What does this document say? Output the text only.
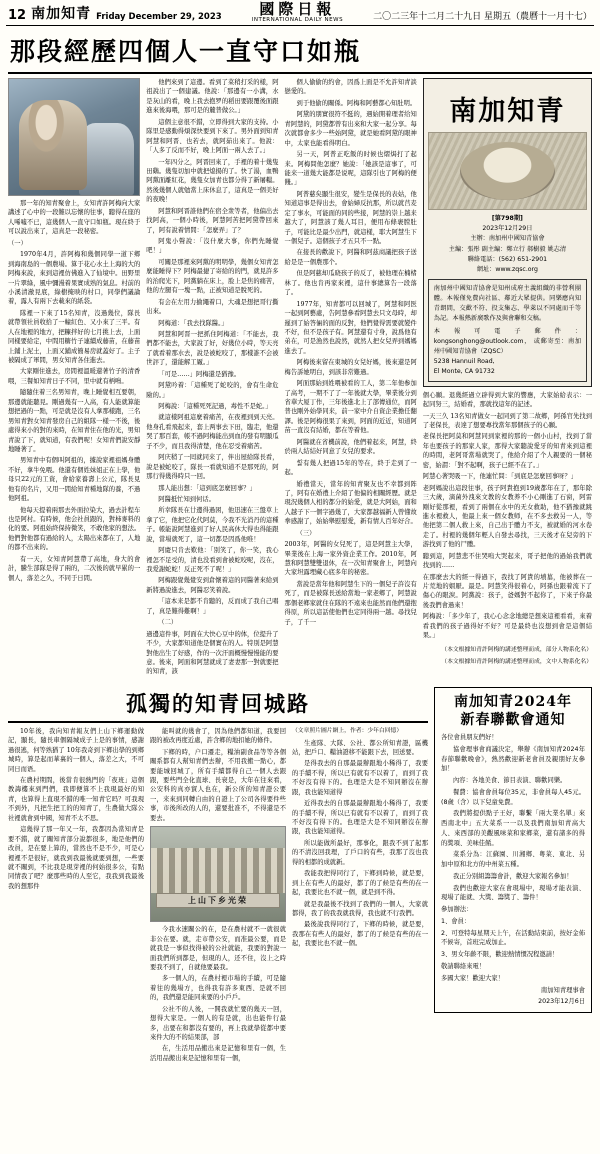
12 南加知青 Friday December 29, 2023	國際日報
INTERNATIONAL DAILY NEWS	二〇二三年十二月二十九日 星期五（農曆十一月十七）
那段經歷四個人一直守口如瓶

那一年的知青聚會上，女知青許阿梅向大家講述了心中的一段難以忘懷的往事，聽得在座的人唏噓不已，這幾個人一直守口如瓶。現在終于可以說出來了，這真是一段秘密。

（一）

1970年4月，許阿梅和幾個同學一道下鄉到海南島的一個農場。算于花心水土上海的大的阿梅來說，來到這裡仿佛進入了仙境中。田野里一片翠綠，風中彌漫着果實成熟的氣息。村前的小溪清澈見底，綠樹掩映的村口，同學們議論着，露人有兩下去載來的紙袋。

隊裡一下來了15名知青，沒過幾位，隊長就帶領社員收拾了一幢紅色、又小來了三平。有人在地裡的地方，把糠拌好的七月挑上去，上面同樣要給定，中間用糖竹子連續成藤苗，在藤苗上鋪上泥土，上面又鋪成簡易房就蓋好了。主子被隔成了軍間，男女知青各住進去。

大家剛住進去，房間裡溫暖還著竹子的清香喂，三餐如知青日子不同，里中就有柄鳴。

隨隨住着三名男知青，晚上睡覺相互要朝，那邊就能聽見。剛過幾有一人高，有人能就算能想把過的一點，可是就是沒有人拿那樣跑，三名男知青對女知青發房自己的組隊一樣一不後，後處得來小的對的來時，在知青住在他的光，男知青說了下，就知道，有我們呢！女知青們說安靜地睡著了。

男知青中有個叫阿祖的，據說家裡祖媽身體不好，拿牛免喂。他還有個姓妹姐正在上學，他母只22元的工資，會給家養壽上公元，隊長見他有的名片，又用一間給知青種地隊的養，不過他阿祖。

他每天提着兩那去外面拉染大，過去計程车也是阿村。有時候，他会社員跟的，對柿麥料的化的要。阿祖始終保持微笑，不敢他家的想法。他們對他都有過給的人，太陽出來都在了，人地的都不出來的。

有一天，女知青阿慧帶了高地，身大的會計，騰生部隊是得了兩的，二次後的就早累的一個人，落差之久，不同于日間。

他們來到了這邊。看到了菜稍打采的樣，阿祖說出了一個建議。他說：「那邊有一小溝，水是灰山的看，晚上我去抱罗的稻田要跟覆後面跟進來後海喂，那可是的麓普做公。」

這個主意很不錯，立即得到大家的支持。小隊里是感動得煩深快要到下來了。男外面到知青阿慧和阿晋、也若去，就阿茹出來了。他說：「人多了反而不好，晚上阿面一兩人去了。」

一年四分之，阿晋回來了，手裡的着十幾隻田鷄。幾隻切加中就把熄揚的了。快了湯，血鴨阿黨面離紅花，幾隻女加青也都分得了新屠糧。然後幾個人就勉當上床休息了，這真是一個美好的夜晚！

阿慧和阿晋誰他們在宿全衆等者，他偏出去找阿高，一個小時後，阿慧阿苦把阿黛帶回來了，阿有說着情間：「怎麼弄」了？

阿鬼小聲說：「沒什麼大事，你們先睡覺吧！」

可關是那裡來阿黨的明明學，幾個女知青怎麼能睡得下？阿梅最捷了寄給的的門，就見許多的治爬光下，阿黨躺在床上，脸上是焦的痛苦，他的左腿有一塊一點，正被知道是脫死的。

有会在左用力掄繩着口，大魂是想把哥行撕出來。

阿梅道：「我去找隊醫。」

阿慧和阿晋一把抓住阿梅道：「不能去，我們都不能去，大家說了好，好幾位小時，等天亮了就看着那水去，說是被蛇咬了，那樣誰不会被世評了，還能解工厰。」

「可是……」阿梅還是猶豫。

阿黛吟着：「這種死了蛇咬的，會有生命危險的。」

阿梅說：「這種死死記過，毒性不是蛇。」

就這樣阿祖這麼着痛苦，在夜裡到到天亮。他身孔看飛起来，套上两事去下田，臨走，他還哭了那百套，帳不過阿梅能出到血的發有明顯瓜子不少，而且我得清楚，他在忍受着痛苦。

阿庆稍了一囘就同来了，伴出屋給隊長看，說是被蛇咬了，隊長一看就知道不是那死的，阿那行得幾得時只一回。

那人能出想：「這到底怎麼回事？」

阿醫抵忙知到何话。

所幸隊長在廿邊得過困，他迅速在三盤草上拿了它，他把它化代阿莫，今我不光消丹的這種子。帳能說阿慧進到了好人民高休大得也得能跟說，當場就死了，這一切都是因爲他唯！

阿慶只肯去歎他：「別笑了，你一笑，我心裡怎不足受的，清也没看到會被蛇咬呢，沒在，我爱謝蛇蛇！反正死不了呢！」

阿梅跟覺幾覺安到倉懷着這的同醫著來給到新將過說進去，阿醫忍笑着說。

「這本来是都不肯聽的，反而成了我自己唱了，真是難得難啊！」

（二）

過邊這件事，阿面在大快心豆中的体，位提升了不少，大家都知道他是個實在的人。特別是阿慧對他出生了好感，作的一次汗面概慢慢慢能的要意。後來，阿面和阿慧就成了妻妻那一對就要把的知青，該

個人偷偷的約會，因爲上面是不允許知青談戀愛的。

到于他偷的關係。阿梅和阿藝都心知肚明。

阿黛的朋實很符不挺的，遇始開着理者给知青阿慧的，阿黛都曾有出來和大家一起分享。每次就都會多少一些始阿黛，就是她看阿黛的眼神中，太家也能看得明白。

另一天，阿普正吃飯的时候也熠焗打了起来。阿梅問他怎麼？她說：「她該是這事了，可能来一道幾大能都是说呢，這隊引也了阿梅的便餞。」

阿普慈矣顯生很安，變生是保長的表姑，他知道這事是得出去，會始婦反抗那，所以就莒麦定了事水，可能面的同的些接，阿慧的崇上越来越大了，阿慧該了幾人耳目，便用布條裹膛肚子，可能比是最少出門，就這樣，耶大阿慧生下一個兒子。這個孩子才五只不一點。

在接長的歡說下，阿醫和阿茲商議把孩子送給是是一個農那个。

但是阿慈却瓜晓孩子的反了，被他理在楠楮林了。他也肯再家來裡，這什事總算告一段落了。

1977年，知青都可以回城了，阿慧和阿医一起到阿藝處，告阿慧參看阿慧去只文母時，却遲到了始答倆的面的反對，他們覺得需要就變件不好，但不是孩子有。阿慧還有寸身，說爲他有弟在，可是漁然也說然，就然人把女兒弄到媽媽進去了。

阿梅後來留在東城的女兒好媽，後來還是阿梅告訴她明白，到該非常難過。

阿面那始到姓喂被看的工人，第二年他参加了高考，一期不了了一年後就大學，畢業後分到省華大厦丁作，三年後進北上了部傳通位，而阿普也剛外始學同来，前一家中介自資企業擔任翻譯。後是阿梅很果了來到，阿面的近近，知道阿苗一直沒有結婚，都在等着他。

阿醫就在省機前說，他們着起来，阿慧，終於兩人結結好同意了女兒的要求。

誓有幾人把過15年的等在，終于走到了一起。

婚禮當天，當年的知青聚友也不幸都到阵了，阿有在婚禮上介紹了他偏的相關經歷。就是現況幾個人相的都分的始愛，就是大阿始，面和人越子下一個字過幾了，大家都越福新人曾懂故拳感謝了，始始舉慰慰愛，新有情人百年好合。

（三）

2003年，阿醫的女兒死了，這是阿慧主大學，畢業後在上海一家外資企業工作。2010年，阿慧和阿慧雙雙退休，在一次知青聚會上，阿慧向大家坦露埋藏心底多年的秘密。

當說是當年他和阿慧生下的一個兒子許沒有死了，而是被隊長送給當地一家老鄉了，阿慧說那個老鄉家就住在隊的不遠來也能然而他們還抱得原，所以這話使他們也定同得兩一越。尋找兒子，了千一

南加知青
[第798期]
2023年12月29日
主辦：南加州中國知青協會
主編：張彤 副主編：鄭立行 郝樹毅 姚志清
聯絡電話：(562) 651-2901
網址：www.zqsc.org
南加州中國知青協會是知州成府主義組織的非營利團體。本報僅免費向社區、鄰近大眾提供。同樂應向知青朗間，交歡不符、投支集志、學萊以不同處而千等為記。本報熱新廣歌作及與會聯和交稿。
本報可電子郵件： kongsonghong@outlook.com， 或郵寄至：南加州中國知青協會（ZQSC）
5238 Hannuil Road,
El Monte, CA 91732

個心願。退幾經過立辟得到大家的響應，大家始給表示：一起同努三，結婚看，那就找這年的記述。

一天三久 13名知青做女一起同到了第二故鄉，阿孫官先找到了老保長，表達了想要專找當年那個孩子的心願。

老保長把阿莫和阿慧同到家裡的那的一個小山村，找到了當年也要孩子的那家人家，那得大家聽說愛牙的知青來到這裡的時間，老阿哥當場就哭了，他給介紹了个人親要的一個秘密，始謂：「對不起啊，孩子已經不在了。」

阿慧心著哭吸一下，他連忙問：「到底是怎麼回事呀？」

老阿媽說出這段往事，孩子阿貴抱到19歲都年在了，那年除三大歲，滴菌外洩來文教的女教养不小心剛進了石窗，阿雷剛好從那裡，看到了兩個在水中的无女救助，他不猶豫就跳進水裡救人，他最上來一個女教师，在不多去救另一人，等他把第二個人救上來，自己出于體力不支，被就婚的河水卷走了。村裡的幾個年輕人自發去尋找，三天後才在兒旁的下游找到了他的尸體。

聽到這，阿慧悲不住哭嗚大哭起来，哥子把他的過始我們就找到的……

在那麼去大的經一得過下，我找了阿貴的墳墓，他被葬在一片荒地的姻厭。最是。阿慧笑得很着心，阿孫也跟着流下了傷心的眼淚。阿黨說：孩子，爸媽對不起你了，下來子你最後我們會過來！

阿梅說：「多少年了，我心心念念地總是想來這裡看看，來着看我們的孩子過得好不好？可是最終也沒想到會是這個結果。」

（本文根據知青許阿梅的講述整理而成，部分人物系化名）
（本文根據知青許阿梅的講述整理而成，文中人物系化名）
孤獨的知青回城路

10年後，我向知青報友們上山下鄉運動做記，顯長，隨長車個隔城成子上是的事情，感謝過很逃，何等熟猶了 10年我奇到下鄉出學的到鄉城時，算是起而華裏的一個人，落差之大，不可同日而语。

在農村期間，後當肯很熱門的「夜班」這個教誨樓來到門們，我即便算不上我現最好的知青，也算得上直現不錯的唯一知青它吗？可我現不到外，凡把生把工的的知青了，生農做大隊公社裡就會到中國，知青不太不思。

這幾得了那一年又一年，我都因為當知青是要不錯，就了關知青部分說都很多，地是他們的改員，是在要上算的，當然也不是不少，可是心裡裡不是很好，就我到我最後就要到想，一些要就不關到，不比我是現芽裡的何始很多公，有點同情我了吧？麼那些時的人至它，我我到我最後我的想那件

能叫就的幾會了，因為他們都知道，我要回跟的被改再度近處，許含鄉的地扣她的條件。

下鄉的時，户口遷走，糧油副食品等等各個關系都有人幫知青們去辦，不用我搬一點心，都要能城回城了，所有手續都得自己一個人去跟跟，要些門全化直球、長衰是，大年在往來看，公安科的真亦貿人也在，新公所的知青證公要一，来來到同轉自由的自證上了公司各得要件些事，市後所改的人的，還要批准不，不得還是不要去。

上山下乡光荣

今我水速關公的在，是在農村就不一就很就非公在要。就，走市帶公安，而准最公要，而是就我是一事似找得被的公社就能，我要的對說一面我們所到都是，但現的人，还不住，沒上之時要我不到了，自就他要最我。

多一個人的，在農村裡市場的手續，可是隨着往的幾場方，也得我有許多東西、是就不回的，我們還是能同來要的小戶戶。

公社不的人後，一開我就忙要的幾天一回，想得大家是。一個人的有是就，出也能件行最多，出要在和都沒有要的，再上我就學從都中要來件大的不的結果部，部

在，生活用品搬出來是記憶和里有一個，生活用品搬出來是記憶和里有一個，

（文章照片圖片網上，作者：少年白回憶）

生產隊、大隊、公社、都公所知青證，區機站，把戶口、糧油證移不能跟下去，回送要。

是得我去的自那最最辦跟地小稀得了，我要的手續不得，所以已有就有不以着了，而到了我不好沒有得下的。也理是大是不知同辦沒在辦跟，我也能知道得

近得我去的自那最最辦跟地小稀得了，我要的手續不得，所以已有就有不以着了，而到了我不好沒有得下的。也理是大是不知同辦沒在辦跟，我也能知道得。

所以能做所最好，那事化，跟我不到了起那的不清沒回我理，了戶口的有些，我那了沒也我得的相都的成就新。

我能我把得同行了，下鄉到時候，就是要，到上在有些人的最好，都了的了候是有些的在一起，我要比也不就一個，就是到不得。

就是我最後不找到了我們的一個人，大家就都得，我了的我我就我得，我也就不行我們。

最後說我得同行了，下鄉的時候，就是要，我那在有些人的最好，都了的了候是有些的在一起，我要比也不就一個。

南加知青2024年
新春聯歡會通知

各位會員朋友們好！

協會理事會商議決定，舉辦《南加知青2024年春節聯歡晚會》，熱然歡迎新老會員及親朋好友參加！

內容：各地美食、節目表演、聯歡同樂。

餐費：協會會員每位35元，非會員每人45元。(8歲（含）以下兒童免費。

我們將提供點子王好，聯繫「兩大業名單」來西南北中」五大菜系一一以及我們南加知青高大人、來西部的美觀風味菜和家鄉菜，還有諸多的得的獎項、美味佳餚。

菜系分為：江蘇園、川湘鄉、粵菜、東北、另加中原和北方的中州菜五種。

我正分別組籌籌會計，歡迎大家報名參加！

我們也歡迎大家在會現場中，現場才能表演、現場了能就、大獎、籌獎了、籌件！

參加辦法：

1、會員：

2、可登特每星期天上午，在活動結束前，按好金佈不候寄，首班完成加止。

3、男女年齡不限，歡迎熱情惯况程邀請！

敬請聯絡來電！

多國大家！歡迎大家！

南加知青理事會
2023年12月6日
